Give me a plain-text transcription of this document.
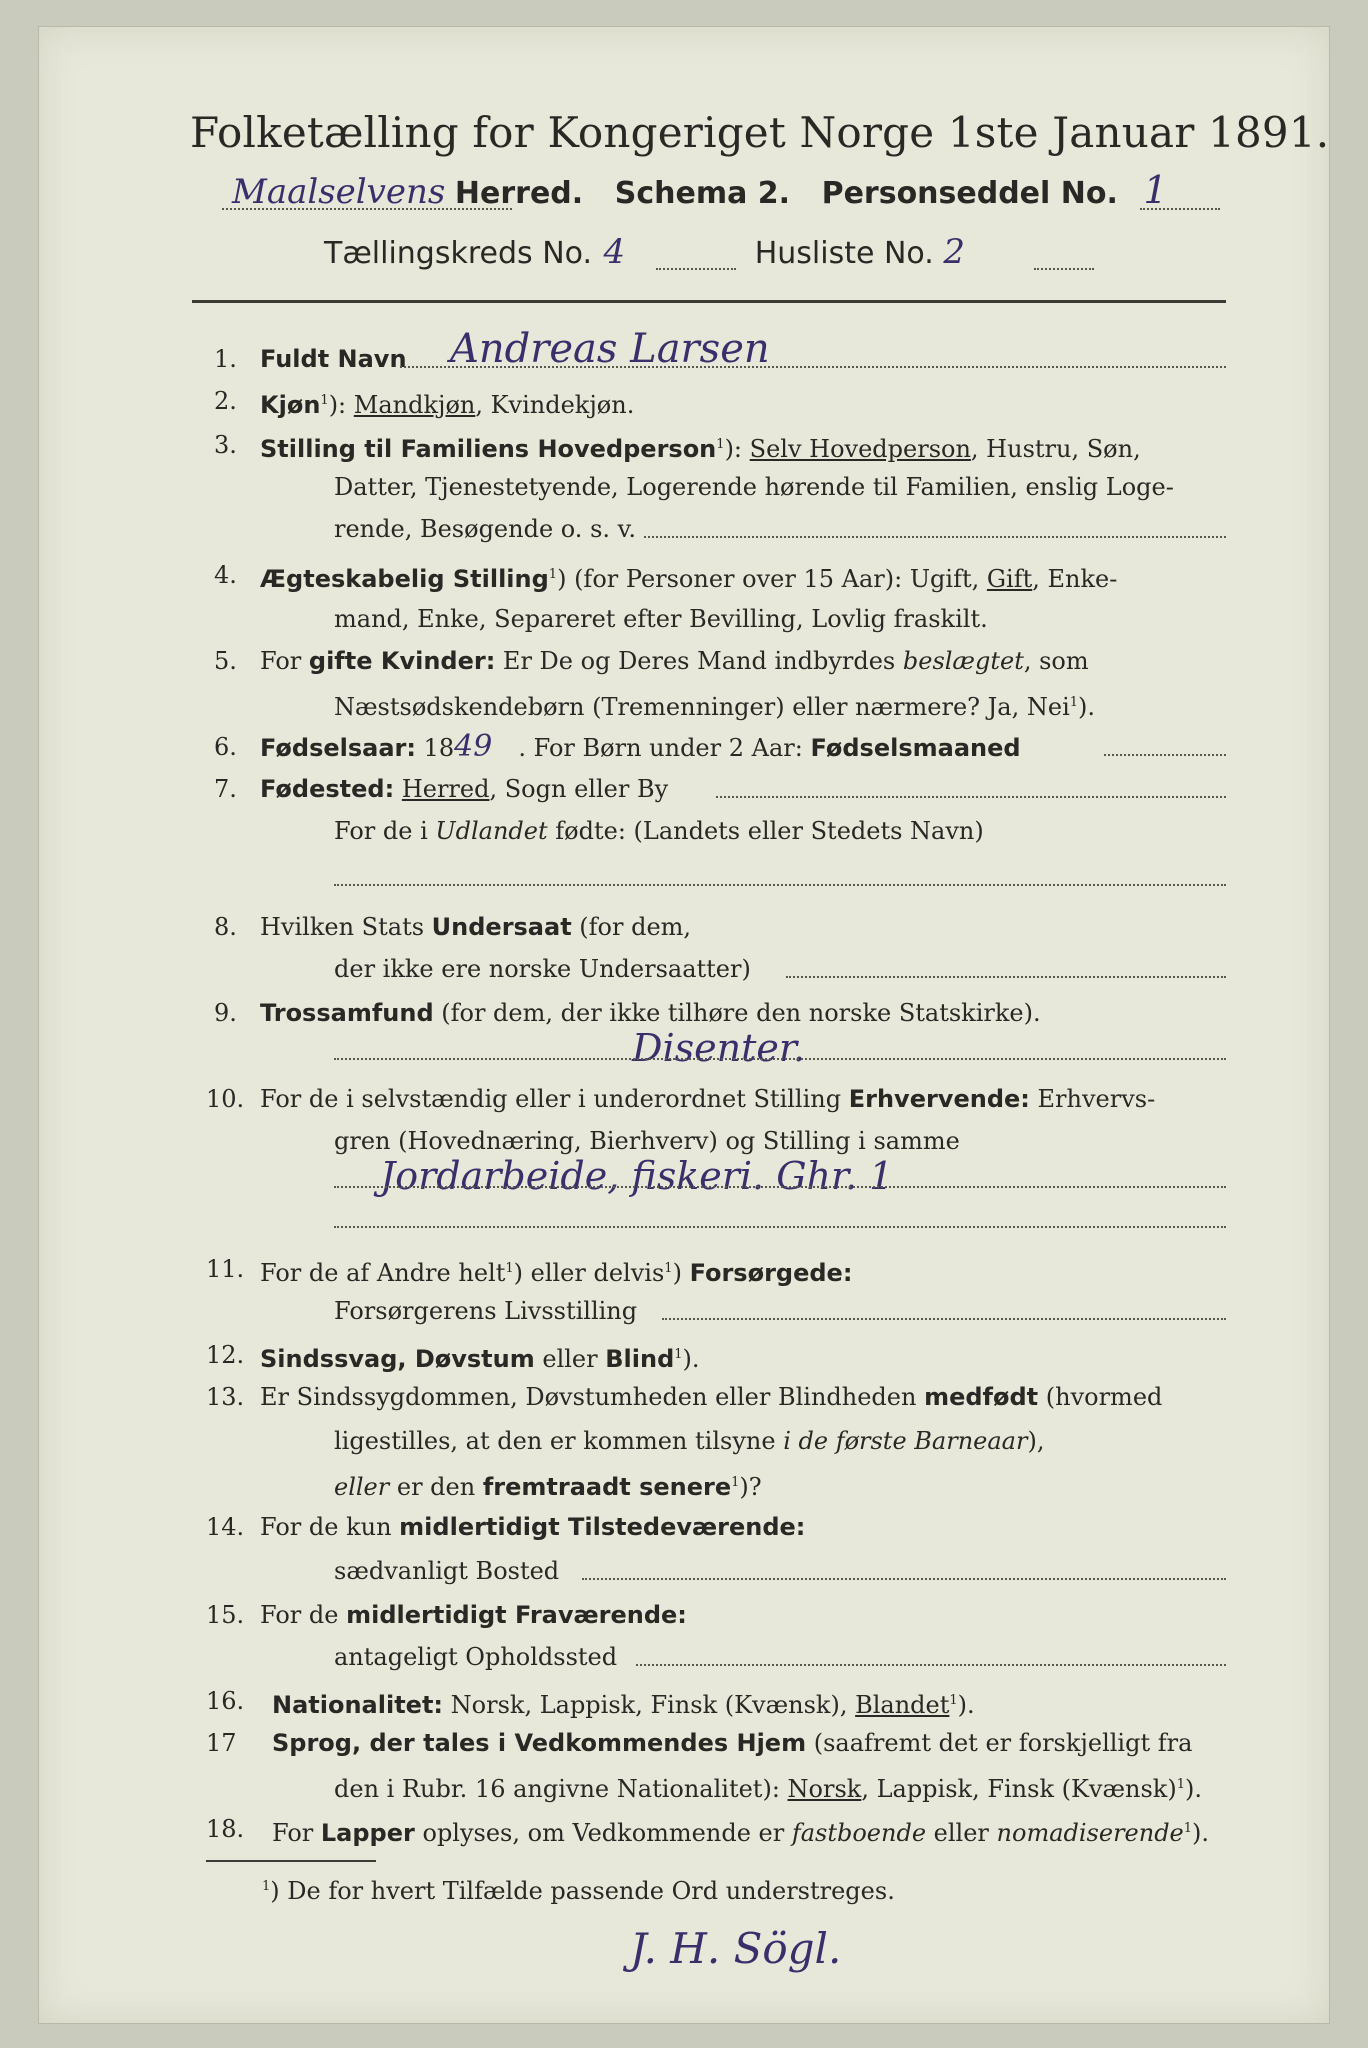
Folketælling for Kongeriget Norge 1ste Januar 1891.
Maalselvens Herred. Schema 2. Personseddel No. 1
Tællingskreds No. 4	Husliste No. 2
1. Fuldt Navn Andreas Larsen
2. Kjøn$^1$): Mandkjøn, Kvindekjøn.
3. Stilling til Familiens Hovedperson$^1$): Selv Hovedperson, Hustru, Søn,
Datter, Tjenestetyende, Logerende hørende til Familien, enslig Loge-
rende, Besøgende o. s. v.
4. Ægteskabelig Stilling$^1$) (for Personer over 15 Aar): Ugift, Gift, Enke-
mand, Enke, Separeret efter Bevilling, Lovlig fraskilt.
5. For gifte Kvinder: Er De og Deres Mand indbyrdes beslægtet, som
Næstsødskendebørn (Tremenninger) eller nærmere? Ja, Nei$^1$).
6. Fødselsaar: 1849 . For Børn under 2 Aar: Fødselsmaaned
7. Fødested: Herred, Sogn eller By
For de i Udlandet fødte: (Landets eller Stedets Navn)
8. Hvilken Stats Undersaat (for dem,
der ikke ere norske Undersaatter)
9. Trossamfund (for dem, der ikke tilhøre den norske Statskirke).
Disenter.
10. For de i selvstændig eller i underordnet Stilling Erhvervende: Erhvervs-
gren (Hovednæring, Bierhverv) og Stilling i samme
Jordarbeide, fiskeri. Ghr. 1
11. For de af Andre helt$^1$) eller delvis$^1$) Forsørgede:
Forsørgerens Livsstilling
12. Sindssvag, Døvstum eller Blind$^1$).
13. Er Sindssygdommen, Døvstumheden eller Blindheden medfødt (hvormed
ligestilles, at den er kommen tilsyne i de første Barneaar),
eller er den fremtraadt senere$^1$)?
14. For de kun midlertidigt Tilstedeværende:
sædvanligt Bosted
15. For de midlertidigt Fraværende:
antageligt Opholdssted
16. Nationalitet: Norsk, Lappisk, Finsk (Kvænsk), Blandet$^1$).
17 Sprog, der tales i Vedkommendes Hjem (saafremt det er forskjelligt fra
den i Rubr. 16 angivne Nationalitet): Norsk, Lappisk, Finsk (Kvænsk)$^1$).
18. For Lapper oplyses, om Vedkommende er fastboende eller nomadiserende$^1$).
$^1$) De for hvert Tilfælde passende Ord understreges.
J. H. Sögl.
